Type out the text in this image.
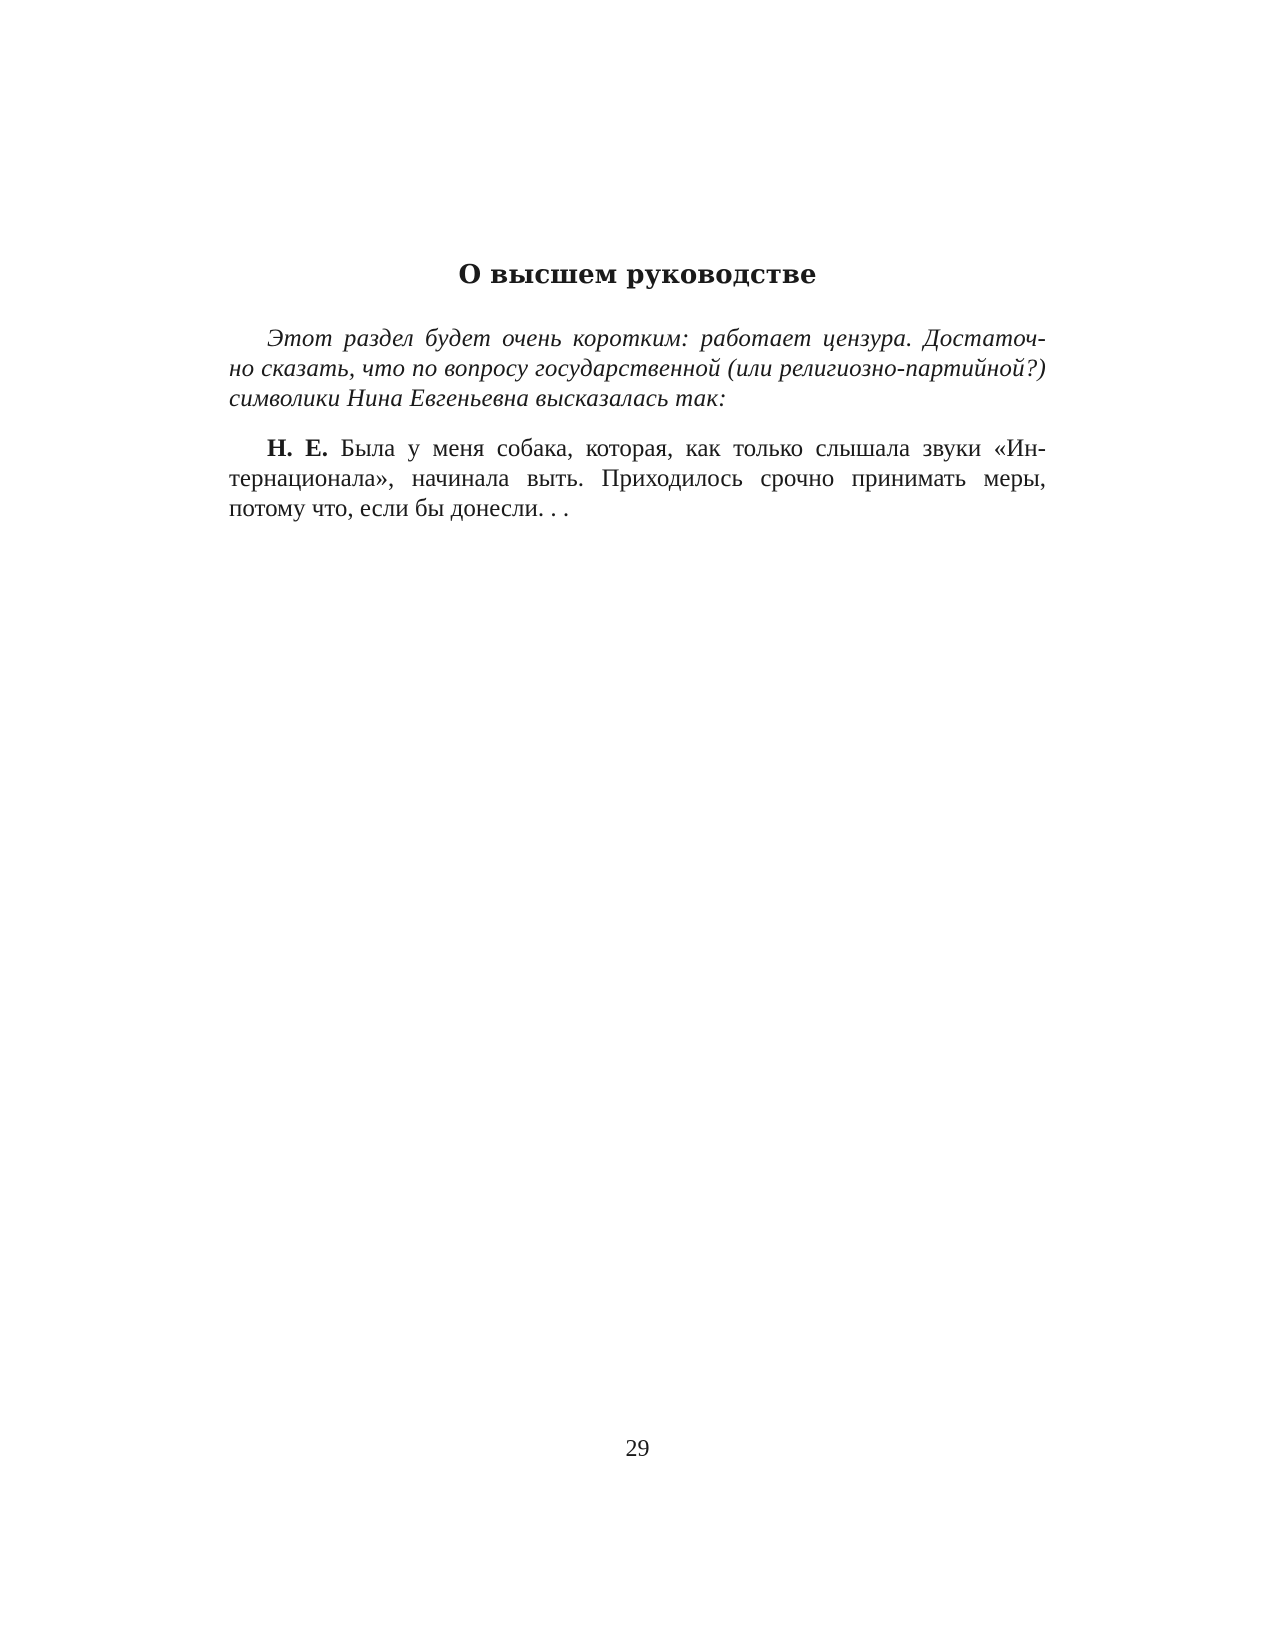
О высшем руководстве
Этот раздел будет очень коротким: работает цензура. Достаточ-
но сказать, что по вопросу государственной (или религиозно-партийной?)
символики Нина Евгеньевна высказалась так:
Н. Е. Была у меня собака, которая, как только слышала звуки «Ин-
тернационала», начинала выть. Приходилось срочно принимать меры,
потому что, если бы донесли. . .
29
